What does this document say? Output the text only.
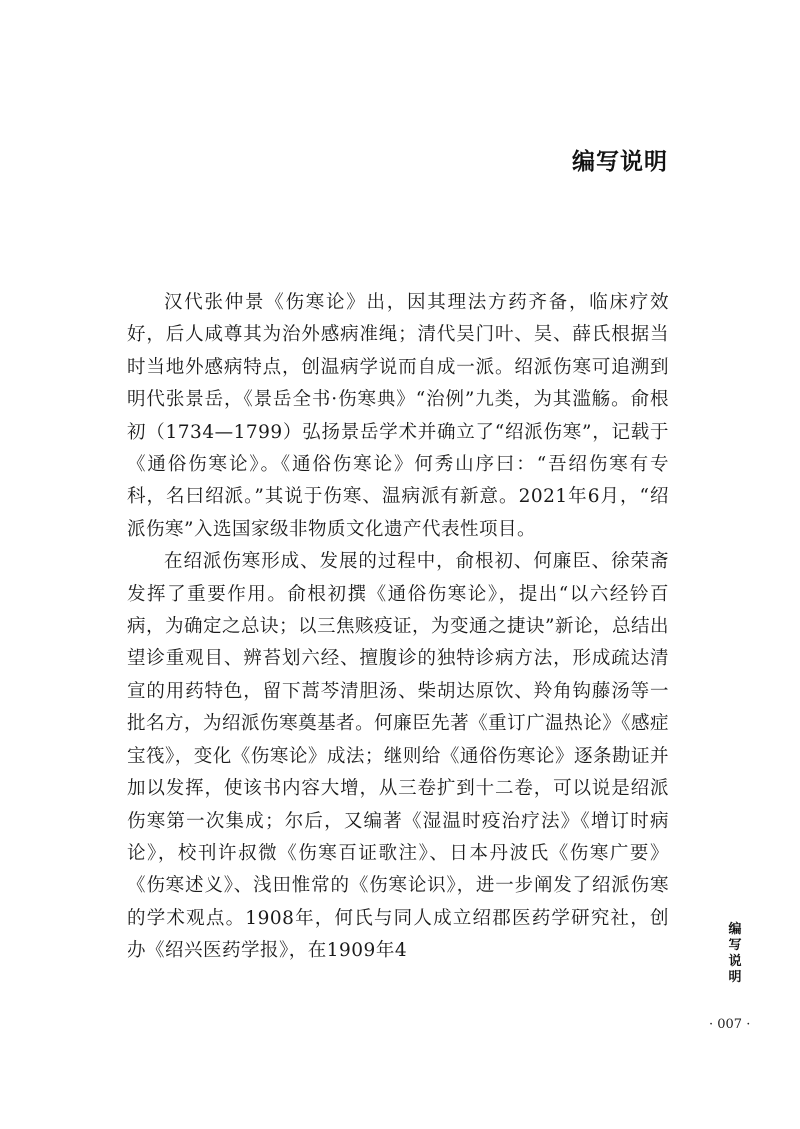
编写说明

汉代张仲景《伤寒论》出，因其理法方药齐备，临床疗效好，后人咸尊其为治外感病准绳；清代吴门叶、吴、薛氏根据当时当地外感病特点，创温病学说而自成一派。绍派伤寒可追溯到明代张景岳，《景岳全书·伤寒典》“治例”九类，为其滥觞。俞根初（1734—1799）弘扬景岳学术并确立了“绍派伤寒”，记载于《通俗伤寒论》。《通俗伤寒论》何秀山序曰：“吾绍伤寒有专科，名曰绍派。”其说于伤寒、温病派有新意。2021年6月，“绍派伤寒”入选国家级非物质文化遗产代表性项目。

在绍派伤寒形成、发展的过程中，俞根初、何廉臣、徐荣斋发挥了重要作用。俞根初撰《通俗伤寒论》，提出“以六经钤百病，为确定之总诀；以三焦赅疫证，为变通之捷诀”新论，总结出望诊重观目、辨苔划六经、擅腹诊的独特诊病方法，形成疏达清宣的用药特色，留下蒿芩清胆汤、柴胡达原饮、羚角钩藤汤等一批名方，为绍派伤寒奠基者。何廉臣先著《重订广温热论》《感症宝筏》，变化《伤寒论》成法；继则给《通俗伤寒论》逐条勘证并加以发挥，使该书内容大增，从三卷扩到十二卷，可以说是绍派伤寒第一次集成；尔后，又编著《湿温时疫治疗法》《增订时病论》，校刊许叔微《伤寒百证歌注》、日本丹波氏《伤寒广要》《伤寒述义》、浅田惟常的《伤寒论识》，进一步阐发了绍派伤寒的学术观点。1908年，何氏与同人成立绍郡医药学研究社，创办《绍兴医药学报》，在1909年4

编
写
说
明
· 007 ·
